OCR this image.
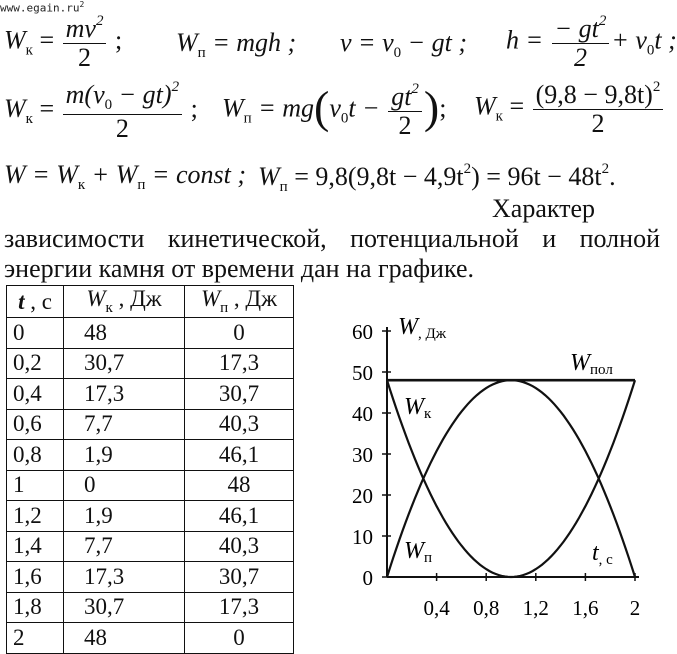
$www.egain.ru^2$
$W_к = \frac{mv^2}{2}$ ; $W_п$ = mgh ; $v = v_0$ − gt ; $h = \frac{- gt^2}{2} + v_0t$ ;
$W_к = \frac{m(v_0 - gt)^2}{2}$ ; $W_п = mg(v_0t - \frac{gt^2}{2}$ ); $W_к = \frac{(9,8 - 9,8t)^2}{2}$
$W = W_к + W_п$ = const ; $W_п = 9,8(9,8t - 4,9t^2) = 96t - 48t^2$.
Характер зависимости кинетической, потенциальной и полной энергии камня от времени дан на графике.
t , с	$W_к$ , Дж	$W_п$ , Дж
0	48	0
0,2	30,7	17,3
0,4	17,3	30,7
0,6	7,7	40,3
0,8	1,9	46,1
1	0	48
1,2	1,9	46,1
1,4	7,7	40,3
1,6	17,3	30,7
1,8	30,7	17,3
2	48	0
0
10
20
30
40
50
60
0,4 0,8 1,2 1,6 2
W, Дж
Wпол
Wк
Wп	t, с
